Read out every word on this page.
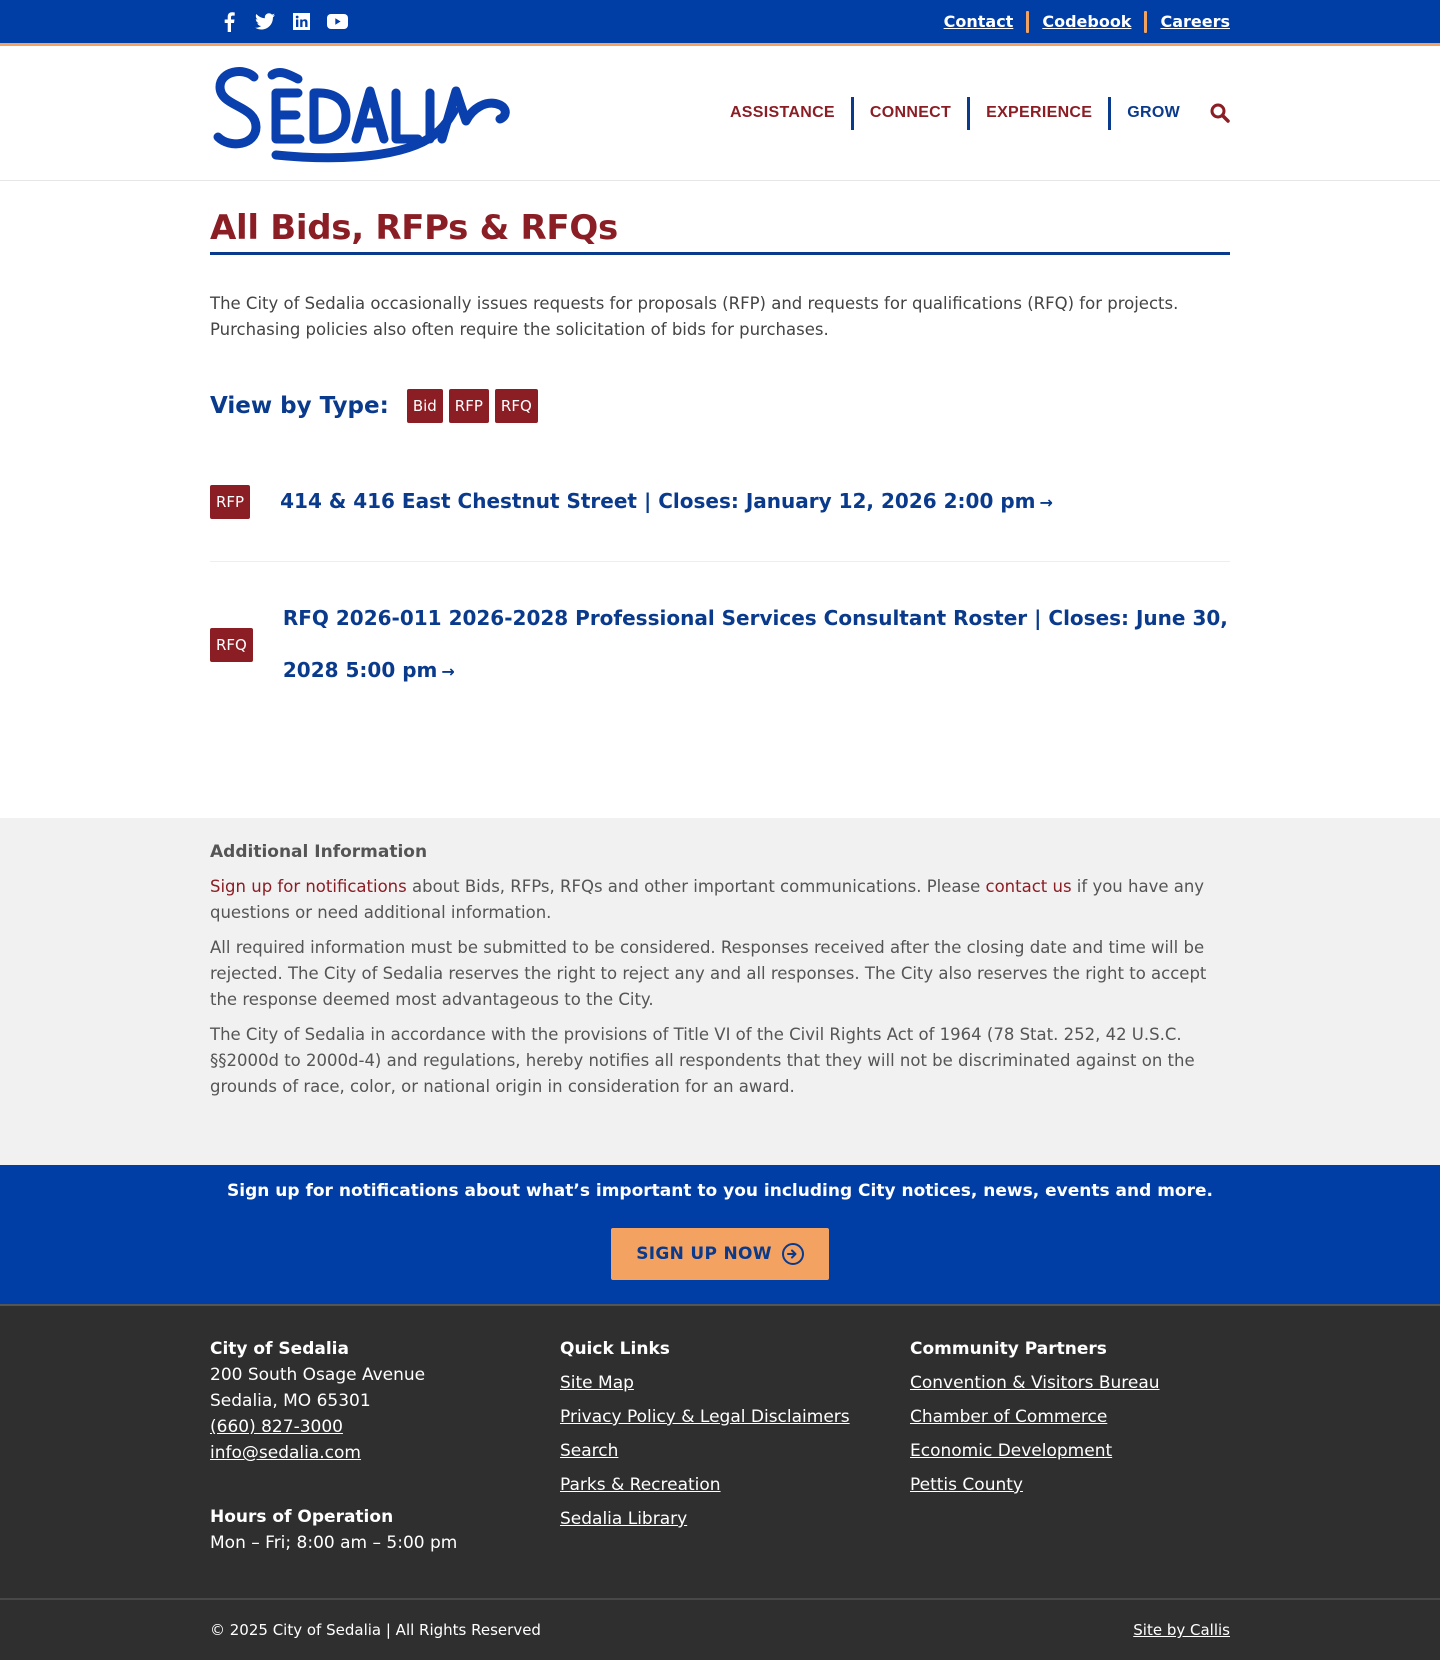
Contact Codebook Careers
ASSISTANCE CONNECT EXPERIENCE GROW
All Bids, RFPs & RFQs

The City of Sedalia occasionally issues requests for proposals (RFP) and requests for qualifications (RFQ) for projects. Purchasing policies also often require the solicitation of bids for purchases.

View by Type:	Bid	RFP	RFQ
RFP	414 & 416 East Chestnut Street | Closes: January 12, 2026 2:00 pm →
RFQ
RFQ 2026-011 2026-2028 Professional Services Consultant Roster | Closes: June 30, 2028 5:00 pm →
Additional Information

Sign up for notifications about Bids, RFPs, RFQs and other important communications. Please contact us if you have any questions or need additional information.

All required information must be submitted to be considered. Responses received after the closing date and time will be rejected. The City of Sedalia reserves the right to reject any and all responses. The City also reserves the right to accept the response deemed most advantageous to the City.

The City of Sedalia in accordance with the provisions of Title VI of the Civil Rights Act of 1964 (78 Stat. 252, 42 U.S.C. §§2000d to 2000d-4) and regulations, hereby notifies all respondents that they will not be discriminated against on the grounds of race, color, or national origin in consideration for an award.

Sign up for notifications about what’s important to you including City notices, news, events and more.

SIGN UP NOW
City of Sedalia
200 South Osage Avenue
Sedalia, MO 65301
(660) 827-3000
info@sedalia.com
Hours of Operation
Mon – Fri; 8:00 am – 5:00 pm
Quick Links
Site Map
Privacy Policy & Legal Disclaimers
Search
Parks & Recreation
Sedalia Library
Community Partners
Convention & Visitors Bureau
Chamber of Commerce
Economic Development
Pettis County
© 2025 City of Sedalia | All Rights Reserved	Site by Callis
